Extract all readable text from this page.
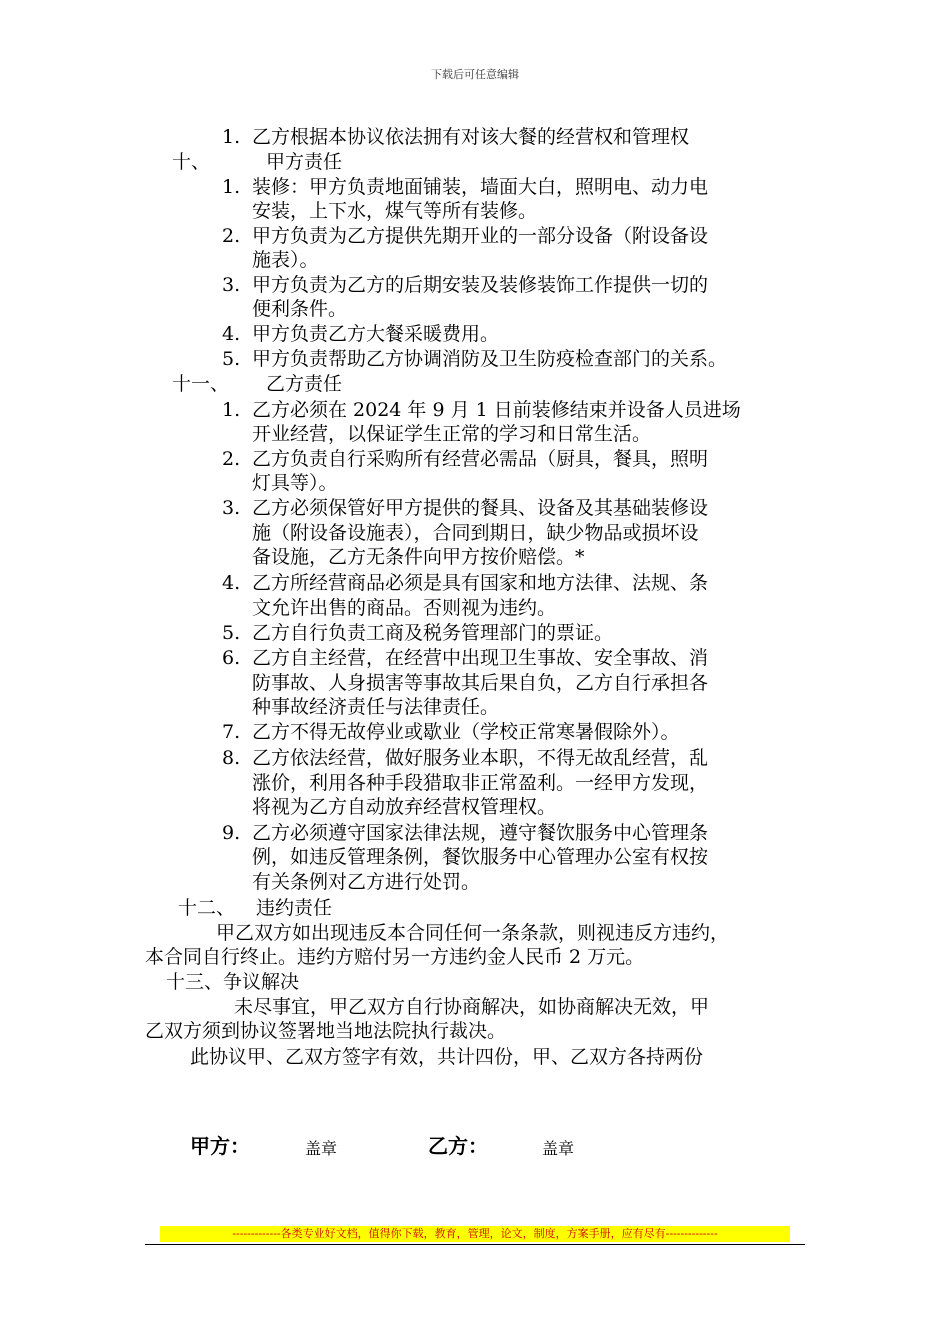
下载后可任意编辑
1. 乙方根据本协议依法拥有对该大餐的经营权和管理权
十、	甲方责任
1. 装修：甲方负责地面铺装，墙面大白，照明电、动力电
安装，上下水，煤气等所有装修。
2. 甲方负责为乙方提供先期开业的一部分设备（附设备设
施表）。
3. 甲方负责为乙方的后期安装及装修装饰工作提供一切的
便利条件。
4. 甲方负责乙方大餐采暖费用。
5. 甲方负责帮助乙方协调消防及卫生防疫检查部门的关系。
十一、 乙方责任
1. 乙方必须在 2024 年 9 月 1 日前装修结束并设备人员进场
开业经营，以保证学生正常的学习和日常生活。
2. 乙方负责自行采购所有经营必需品（厨具，餐具，照明
灯具等）。
3. 乙方必须保管好甲方提供的餐具、设备及其基础装修设
施（附设备设施表），合同到期日，缺少物品或损坏设
备设施，乙方无条件向甲方按价赔偿。*
4. 乙方所经营商品必须是具有国家和地方法律、法规、条
文允许出售的商品。否则视为违约。
5. 乙方自行负责工商及税务管理部门的票证。
6. 乙方自主经营，在经营中出现卫生事故、安全事故、消
防事故、人身损害等事故其后果自负，乙方自行承担各
种事故经济责任与法律责任。
7. 乙方不得无故停业或歇业（学校正常寒暑假除外）。
8. 乙方依法经营，做好服务业本职，不得无故乱经营，乱
涨价，利用各种手段猎取非正常盈利。一经甲方发现，
将视为乙方自动放弃经营权管理权。
9. 乙方必须遵守国家法律法规，遵守餐饮服务中心管理条
例，如违反管理条例，餐饮服务中心管理办公室有权按
有关条例对乙方进行处罚。
十二、 违约责任
甲乙双方如出现违反本合同任何一条条款，则视违反方违约，
本合同自行终止。违约方赔付另一方违约金人民币 2 万元。
十三、争议解决
未尽事宜，甲乙双方自行协商解决，如协商解决无效，甲
乙双方须到协议签署地当地法院执行裁决。
此协议甲、乙双方签字有效，共计四份，甲、乙双方各持两份
甲方：	盖章	乙方：	盖章
-------------各类专业好文档，值得你下载，教育，管理，论文，制度，方案手册，应有尽有--------------
